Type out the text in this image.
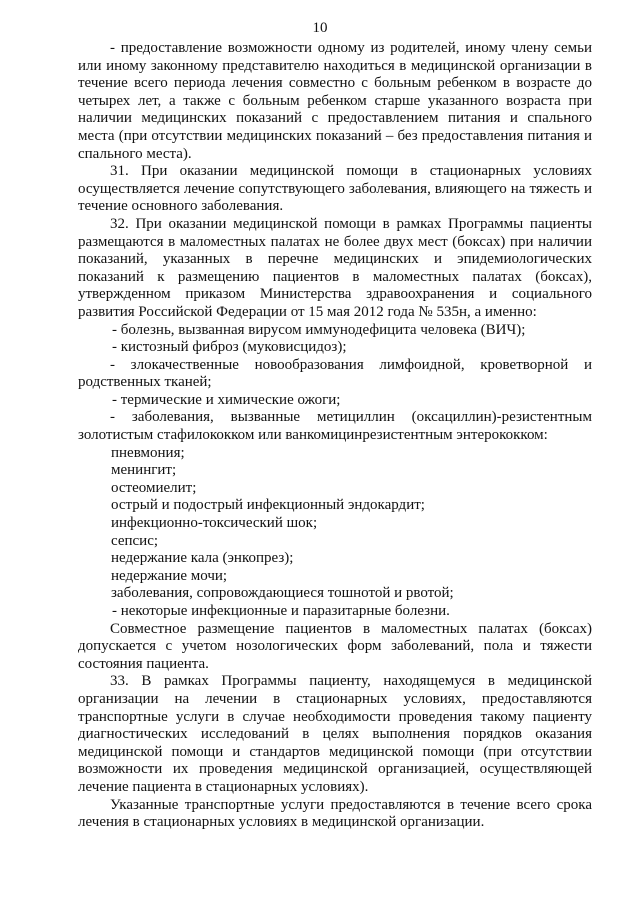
10

- предоставление возможности одному из родителей, иному члену семьи или иному законному представителю находиться в медицинской организации в течение всего периода лечения совместно с больным ребенком в возрасте до четырех лет, а также с больным ребенком старше указанного возраста при наличии медицинских показаний с предоставлением питания и спального места (при отсутствии медицинских показаний – без предоставления питания и спального места).

31. При оказании медицинской помощи в стационарных условиях осуществляется лечение сопутствующего заболевания, влияющего на тяжесть и течение основного заболевания.

32. При оказании медицинской помощи в рамках Программы пациенты размещаются в маломестных палатах не более двух мест (боксах) при наличии показаний, указанных в перечне медицинских и эпидемиологических показаний к размещению пациентов в маломестных палатах (боксах), утвержденном приказом Министерства здравоохранения и социального развития Российской Федерации от 15 мая 2012 года № 535н, а именно:

- болезнь, вызванная вирусом иммунодефицита человека (ВИЧ);

- кистозный фиброз (муковисцидоз);

- злокачественные новообразования лимфоидной, кроветворной и родственных тканей;

- термические и химические ожоги;

- заболевания, вызванные метициллин (оксациллин)-резистентным золотистым стафилококком или ванкомицинрезистентным энтерококком:

пневмония;

менингит;

остеомиелит;

острый и подострый инфекционный эндокардит;

инфекционно-токсический шок;

сепсис;

недержание кала (энкопрез);

недержание мочи;

заболевания, сопровождающиеся тошнотой и рвотой;

- некоторые инфекционные и паразитарные болезни.

Совместное размещение пациентов в маломестных палатах (боксах) допускается с учетом нозологических форм заболеваний, пола и тяжести состояния пациента.

33. В рамках Программы пациенту, находящемуся в медицинской организации на лечении в стационарных условиях, предоставляются транспортные услуги в случае необходимости проведения такому пациенту диагностических исследований в целях выполнения порядков оказания медицинской помощи и стандартов медицинской помощи (при отсутствии возможности их проведения медицинской организацией, осуществляющей лечение пациента в стационарных условиях).

Указанные транспортные услуги предоставляются в течение всего срока лечения в стационарных условиях в медицинской организации.
